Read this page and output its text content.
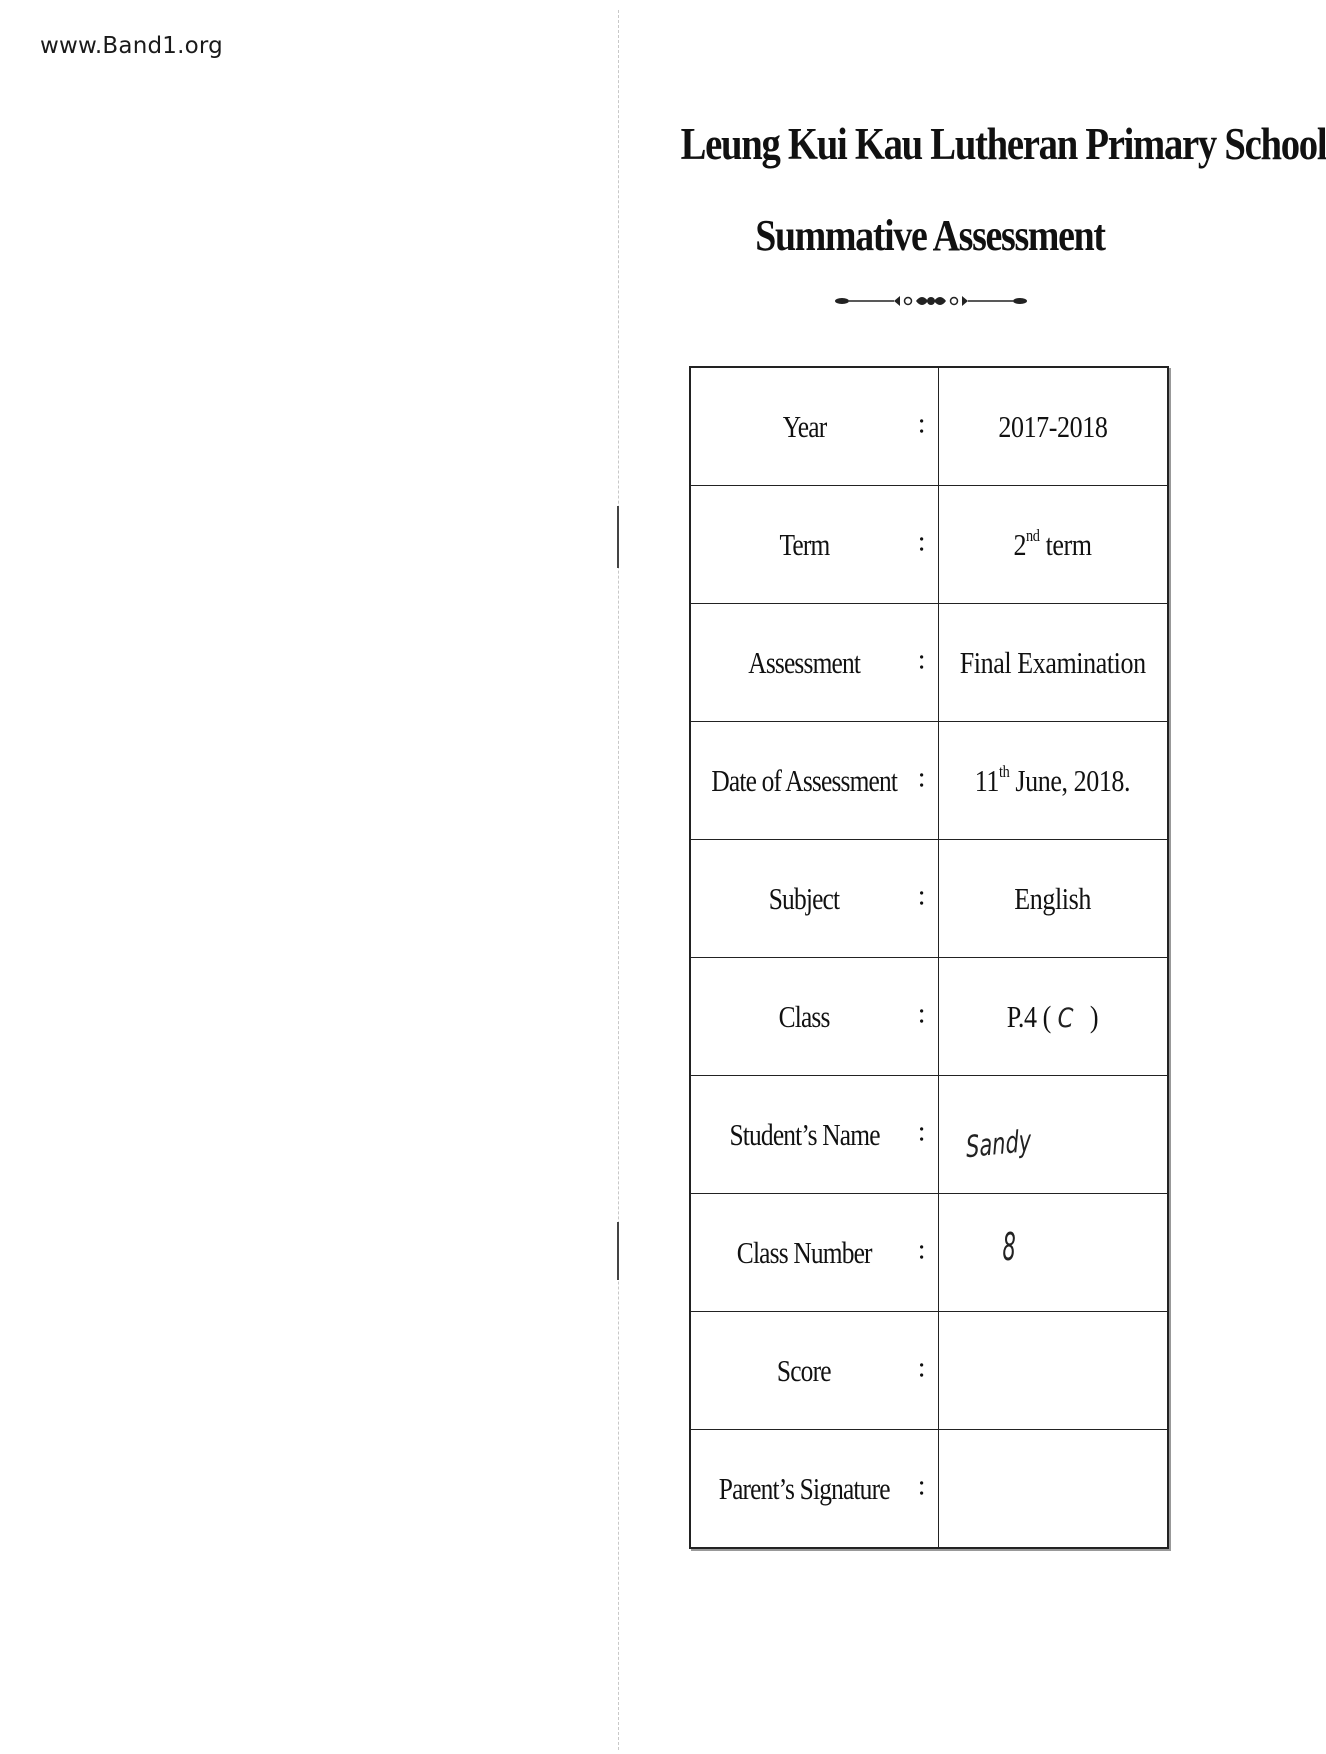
www.Band1.org
Leung Kui Kau Lutheran Primary School
Summative Assessment
Year :	2017-2018
Term :	2nd term
Assessment :	Final Examination
Date of Assessment :	11th June, 2018.
Subject :	English
Class :	P.4 ( C )
Student’s Name :	Sandy
Class Number :	8
Score :	

Parent’s Signature :	
